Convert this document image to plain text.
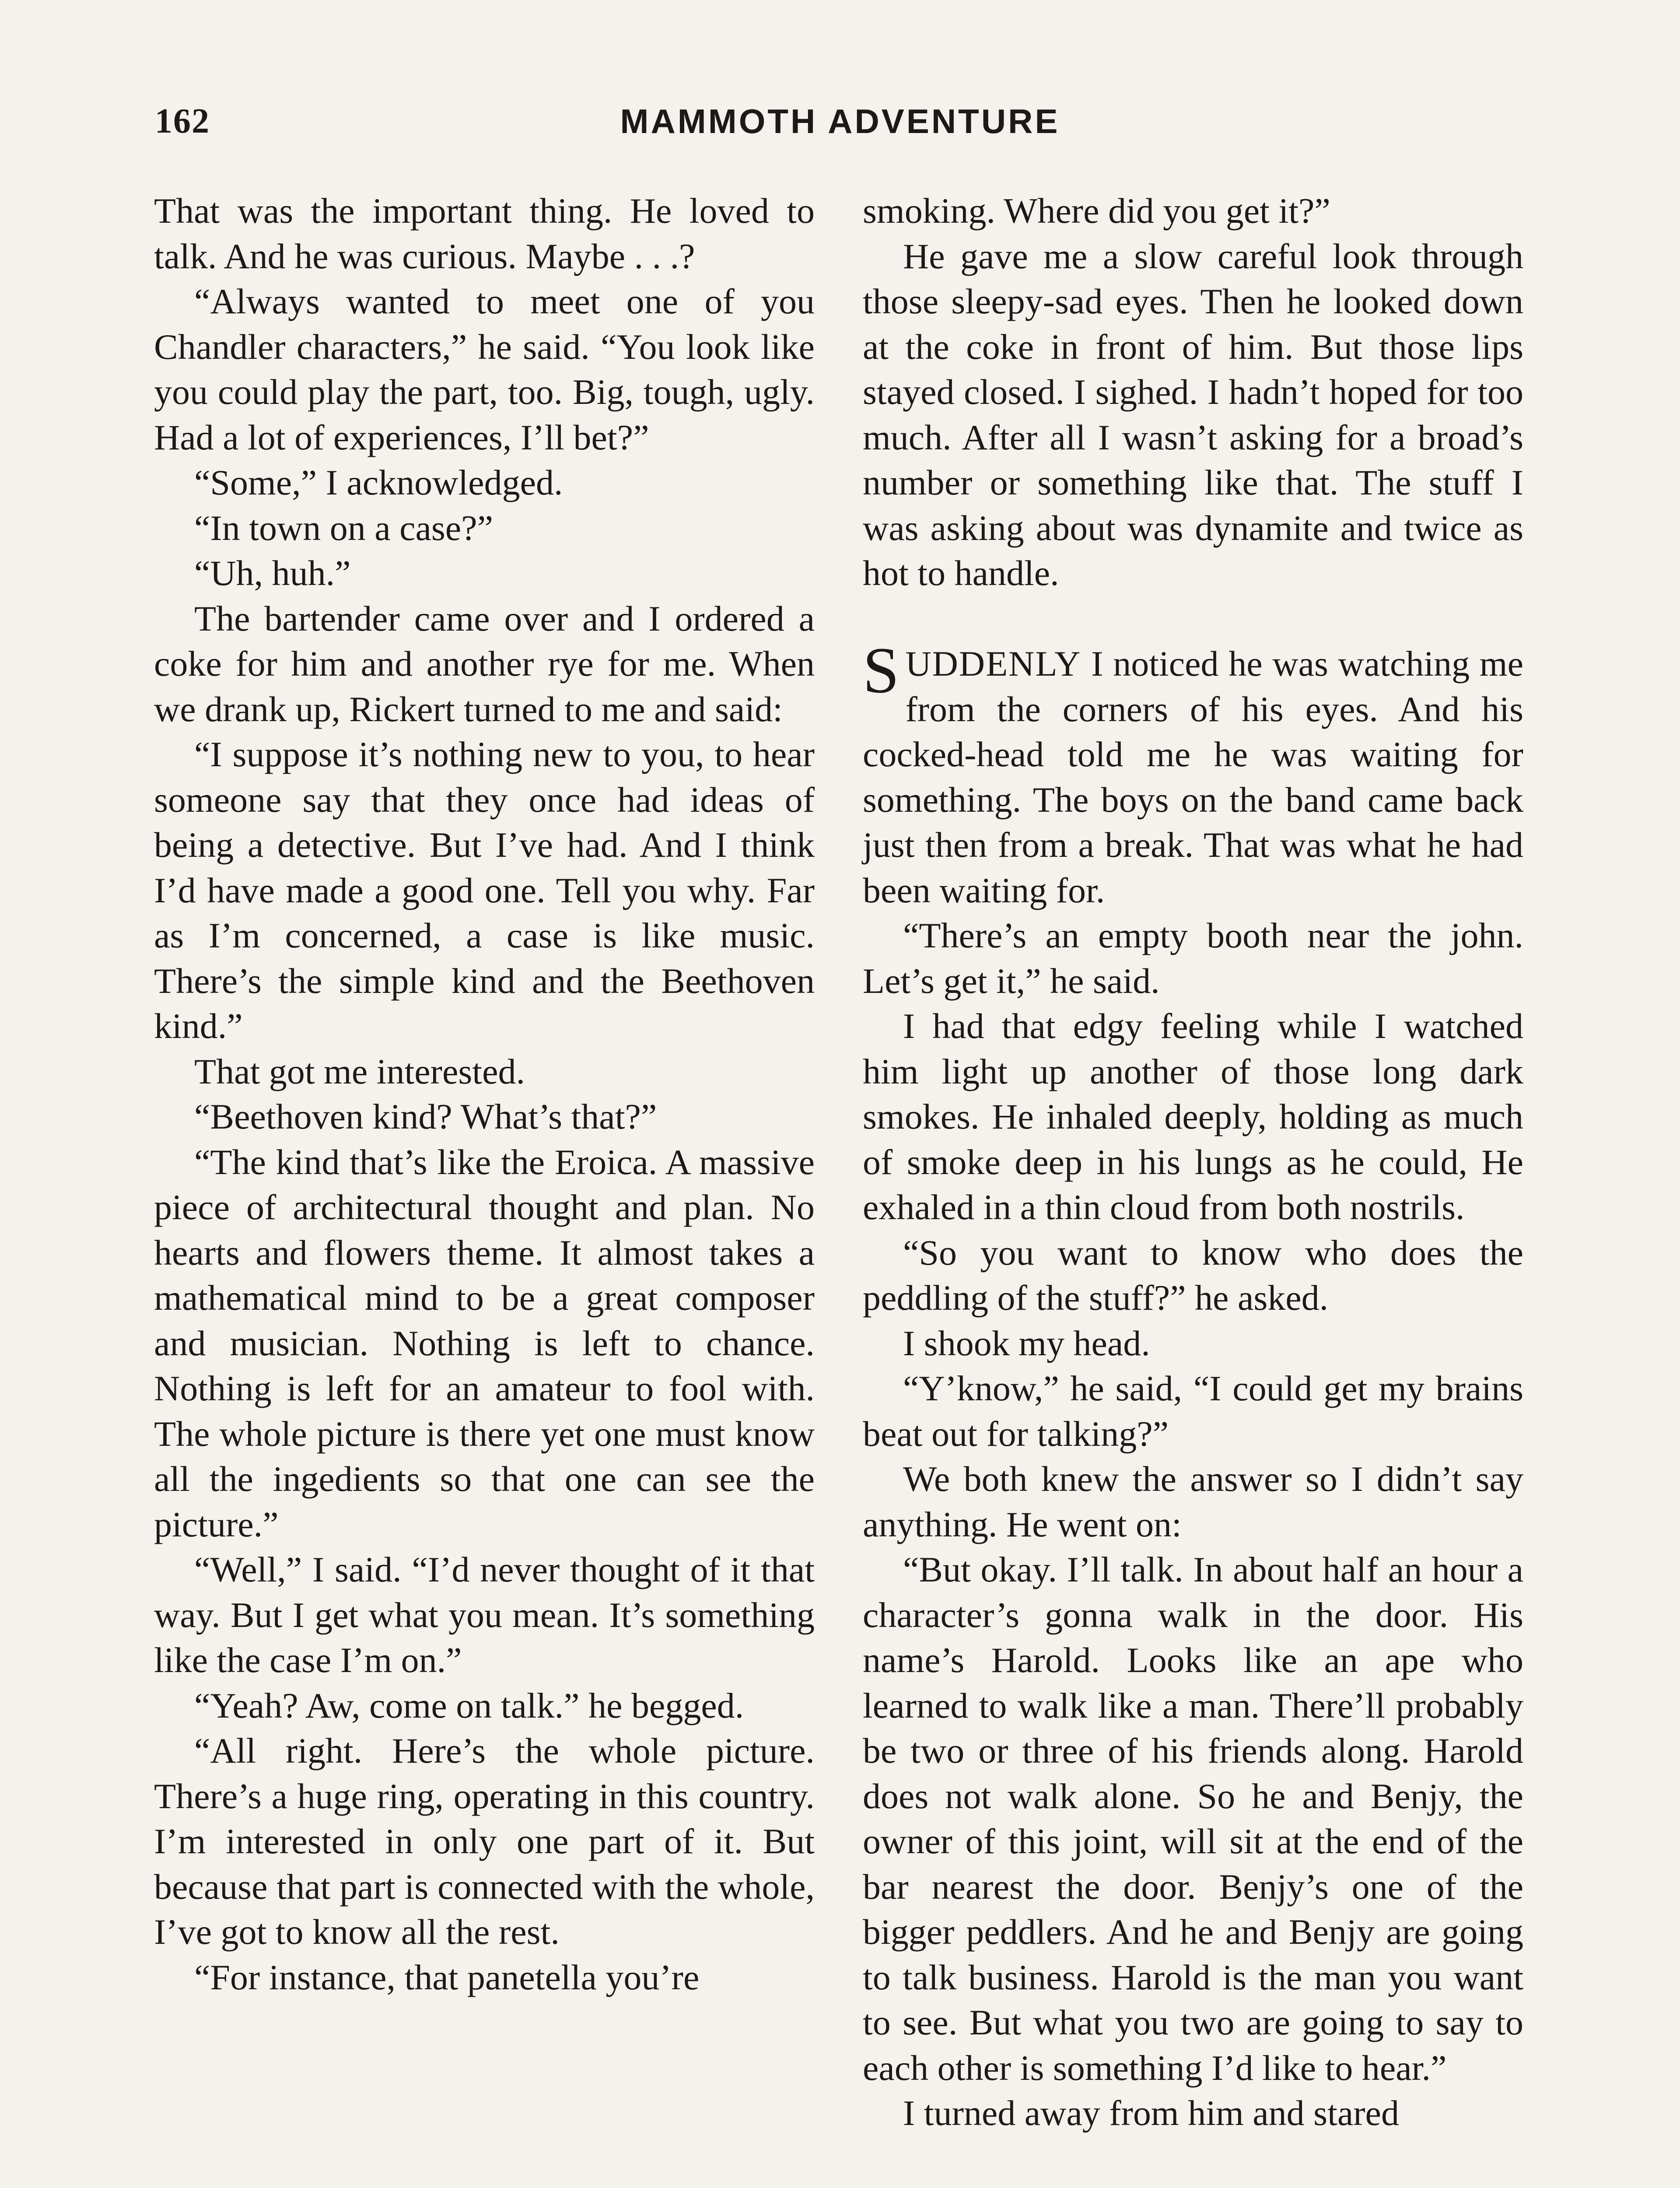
162	MAMMOTH ADVENTURE

That was the important thing. He loved to talk. And he was curious. Maybe . . .?

“Always wanted to meet one of you Chandler characters,” he said. “You look like you could play the part, too. Big, tough, ugly. Had a lot of experiences, I’ll bet?”

“Some,” I acknowledged.

“In town on a case?”

“Uh, huh.”

The bartender came over and I ordered a coke for him and another rye for me. When we drank up, Rickert turned to me and said:

“I suppose it’s nothing new to you, to hear someone say that they once had ideas of being a detective. But I’ve had. And I think I’d have made a good one. Tell you why. Far as I’m concerned, a case is like music. There’s the simple kind and the Beethoven kind.”

That got me interested.

“Beethoven kind? What’s that?”

“The kind that’s like the Eroica. A massive piece of architectural thought and plan. No hearts and flowers theme. It almost takes a mathematical mind to be a great composer and musician. Nothing is left to chance. Nothing is left for an amateur to fool with. The whole picture is there yet one must know all the ingedients so that one can see the picture.”

“Well,” I said. “I’d never thought of it that way. But I get what you mean. It’s something like the case I’m on.”

“Yeah? Aw, come on talk.” he begged.

“All right. Here’s the whole picture. There’s a huge ring, operating in this country. I’m interested in only one part of it. But because that part is connected with the whole, I’ve got to know all the rest.

“For instance, that panetella you’re

smoking. Where did you get it?”

He gave me a slow careful look through those sleepy-sad eyes. Then he looked down at the coke in front of him. But those lips stayed closed. I sighed. I hadn’t hoped for too much. After all I wasn’t asking for a broad’s number or something like that. The stuff I was asking about was dynamite and twice as hot to handle.

SUDDENLY I noticed he was watching me from the corners of his eyes. And his cocked-head told me he was waiting for something. The boys on the band came back just then from a break. That was what he had been waiting for.

“There’s an empty booth near the john. Let’s get it,” he said.

I had that edgy feeling while I watched him light up another of those long dark smokes. He inhaled deeply, holding as much of smoke deep in his lungs as he could, He exhaled in a thin cloud from both nostrils.

“So you want to know who does the peddling of the stuff?” he asked.

I shook my head.

“Y’know,” he said, “I could get my brains beat out for talking?”

We both knew the answer so I didn’t say anything. He went on:

“But okay. I’ll talk. In about half an hour a character’s gonna walk in the door. His name’s Harold. Looks like an ape who learned to walk like a man. There’ll probably be two or three of his friends along. Harold does not walk alone. So he and Benjy, the owner of this joint, will sit at the end of the bar nearest the door. Benjy’s one of the bigger peddlers. And he and Benjy are going to talk business. Harold is the man you want to see. But what you two are going to say to each other is something I’d like to hear.”

I turned away from him and stared
